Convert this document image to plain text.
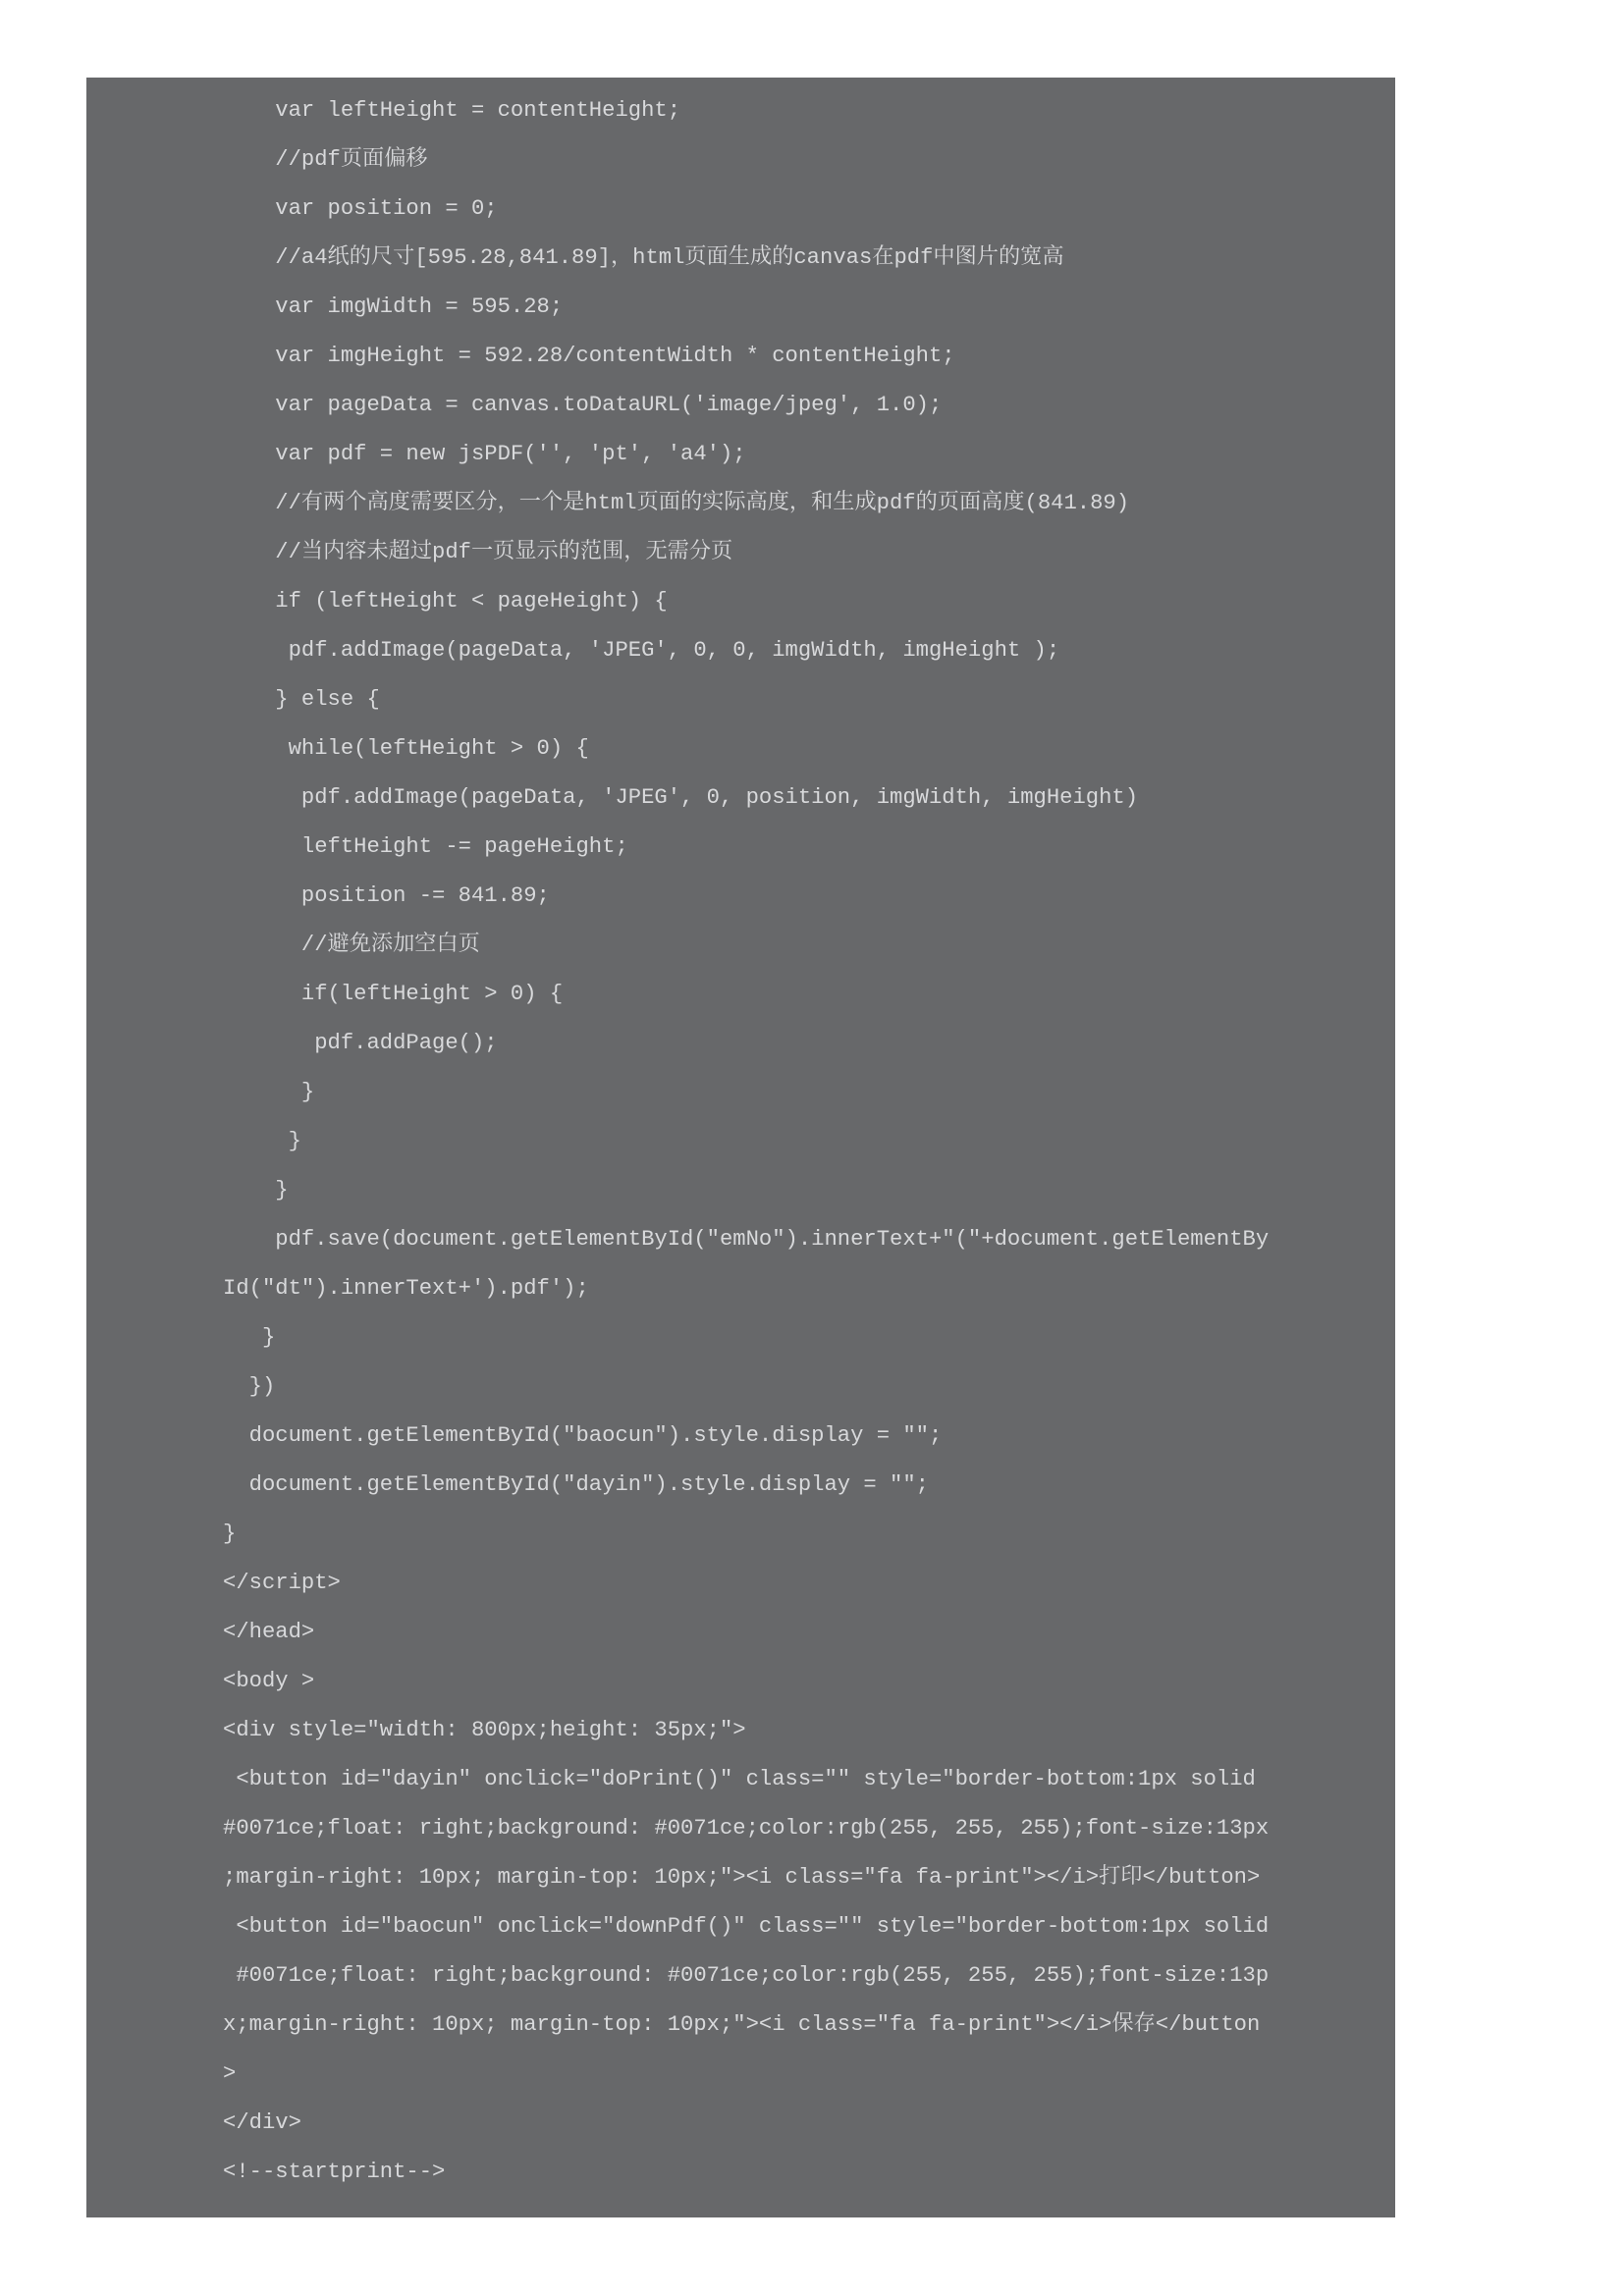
var leftHeight = contentHeight;
//pdf页面偏移
var position = 0;
//a4纸的尺寸[595.28,841.89]，html页面生成的canvas在pdf中图片的宽高
var imgWidth = 595.28;
var imgHeight = 592.28/contentWidth * contentHeight;
var pageData = canvas.toDataURL('image/jpeg', 1.0);
var pdf = new jsPDF('', 'pt', 'a4');
//有两个高度需要区分，一个是html页面的实际高度，和生成pdf的页面高度(841.89)
//当内容未超过pdf一页显示的范围，无需分页
if (leftHeight < pageHeight) {
pdf.addImage(pageData, 'JPEG', 0, 0, imgWidth, imgHeight );
} else {
while(leftHeight > 0) {
pdf.addImage(pageData, 'JPEG', 0, position, imgWidth, imgHeight)
leftHeight -= pageHeight;
position -= 841.89;
//避免添加空白页
if(leftHeight > 0) {
pdf.addPage();
}
}
}
pdf.save(document.getElementById("emNo").innerText+"("+document.getElementBy
Id("dt").innerText+').pdf');
}
})
document.getElementById("baocun").style.display = "";
document.getElementById("dayin").style.display = "";
}
</script>
</head>
<body >
<div style="width: 800px;height: 35px;">
<button id="dayin" onclick="doPrint()" class="" style="border-bottom:1px solid
#0071ce;float: right;background: #0071ce;color:rgb(255, 255, 255);font-size:13px
;margin-right: 10px; margin-top: 10px;"><i class="fa fa-print"></i>打印</button>
<button id="baocun" onclick="downPdf()" class="" style="border-bottom:1px solid
#0071ce;float: right;background: #0071ce;color:rgb(255, 255, 255);font-size:13p
x;margin-right: 10px; margin-top: 10px;"><i class="fa fa-print"></i>保存</button
>
</div>
<!--startprint-->
